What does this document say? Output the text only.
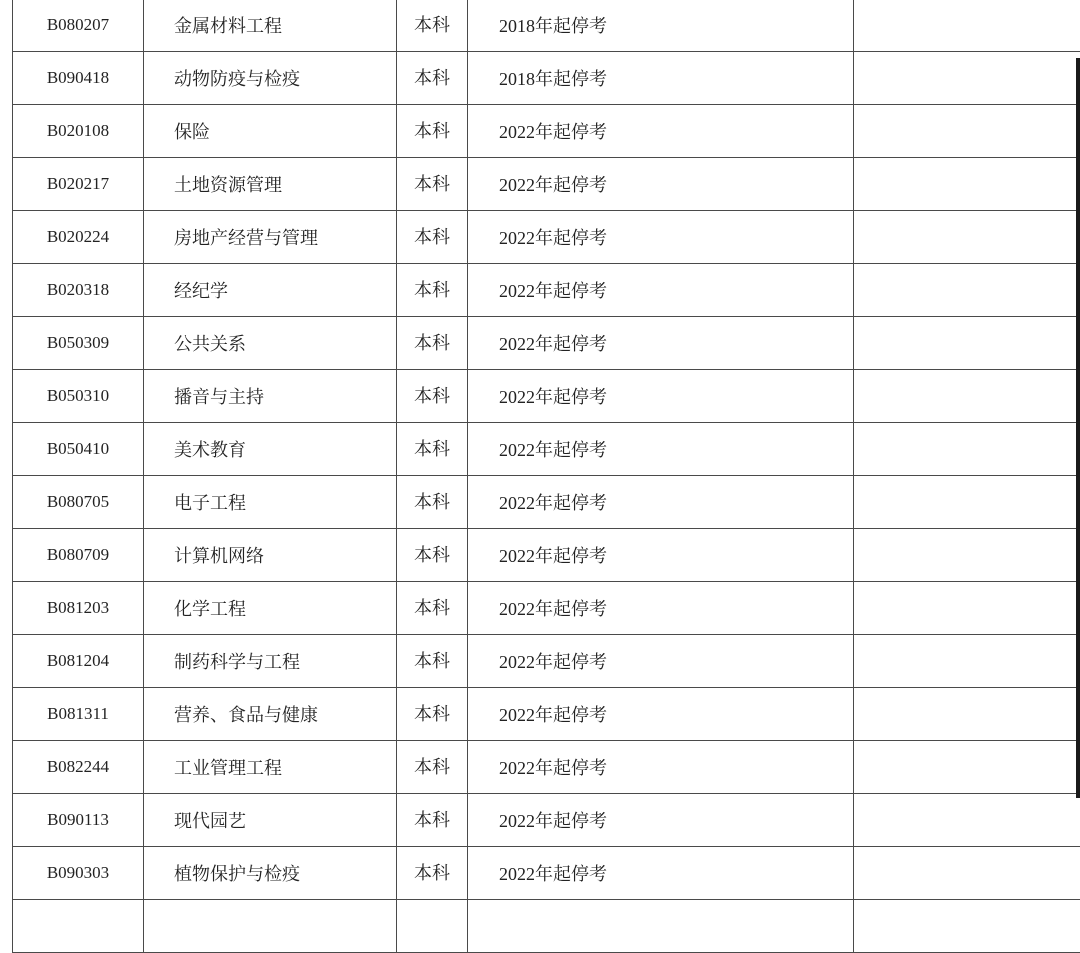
B080207	金属材料工程	本科	2018年起停考	
B090418	动物防疫与检疫	本科	2018年起停考	
B020108	保险	本科	2022年起停考	
B020217	土地资源管理	本科	2022年起停考	
B020224	房地产经营与管理	本科	2022年起停考	
B020318	经纪学	本科	2022年起停考	
B050309	公共关系	本科	2022年起停考	
B050310	播音与主持	本科	2022年起停考	
B050410	美术教育	本科	2022年起停考	
B080705	电子工程	本科	2022年起停考	
B080709	计算机网络	本科	2022年起停考	
B081203	化学工程	本科	2022年起停考	
B081204	制药科学与工程	本科	2022年起停考	
B081311	营养、食品与健康	本科	2022年起停考	
B082244	工业管理工程	本科	2022年起停考	
B090113	现代园艺	本科	2022年起停考	
B090303	植物保护与检疫	本科	2022年起停考	
